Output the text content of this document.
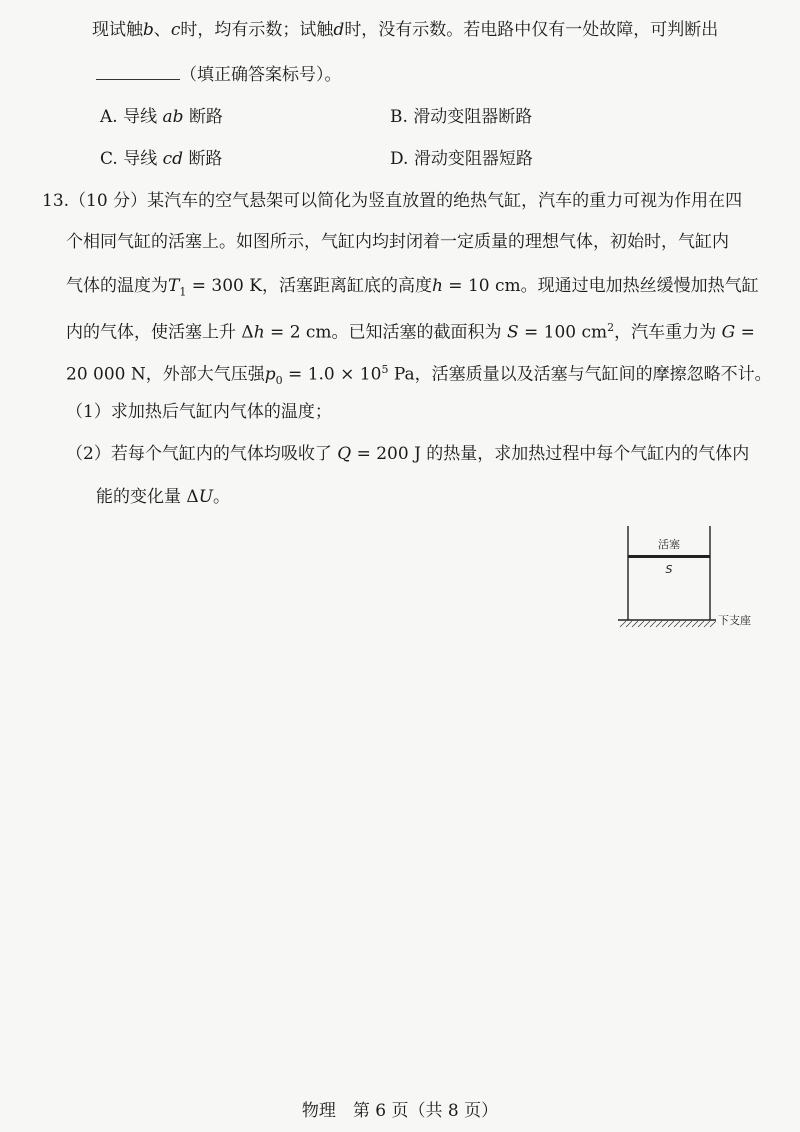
现试触b、c时，均有示数；试触d时，没有示数。若电路中仅有一处故障，可判断出
（填正确答案标号）。
A. 导线 ab 断路	B. 滑动变阻器断路
C. 导线 cd 断路	D. 滑动变阻器短路
13.（10 分）某汽车的空气悬架可以简化为竖直放置的绝热气缸，汽车的重力可视为作用在四
个相同气缸的活塞上。如图所示，气缸内均封闭着一定质量的理想气体，初始时，气缸内
气体的温度为$T_1 = 300$ K，活塞距离缸底的高度h = 10 cm。现通过电加热丝缓慢加热气缸
内的气体，使活塞上升 Δh = 2 cm。已知活塞的截面积为 S = 100 $cm^2$，汽车重力为 G =
20 000 N，外部大气压强$p_0 = 1.0 \times 10^5$ Pa，活塞质量以及活塞与气缸间的摩擦忽略不计。
（1）求加热后气缸内气体的温度；
（2）若每个气缸内的气体均吸收了 Q = 200 J 的热量，求加热过程中每个气缸内的气体内
能的变化量 ΔU。
活塞
S
下支座
物理　第 6 页（共 8 页）
